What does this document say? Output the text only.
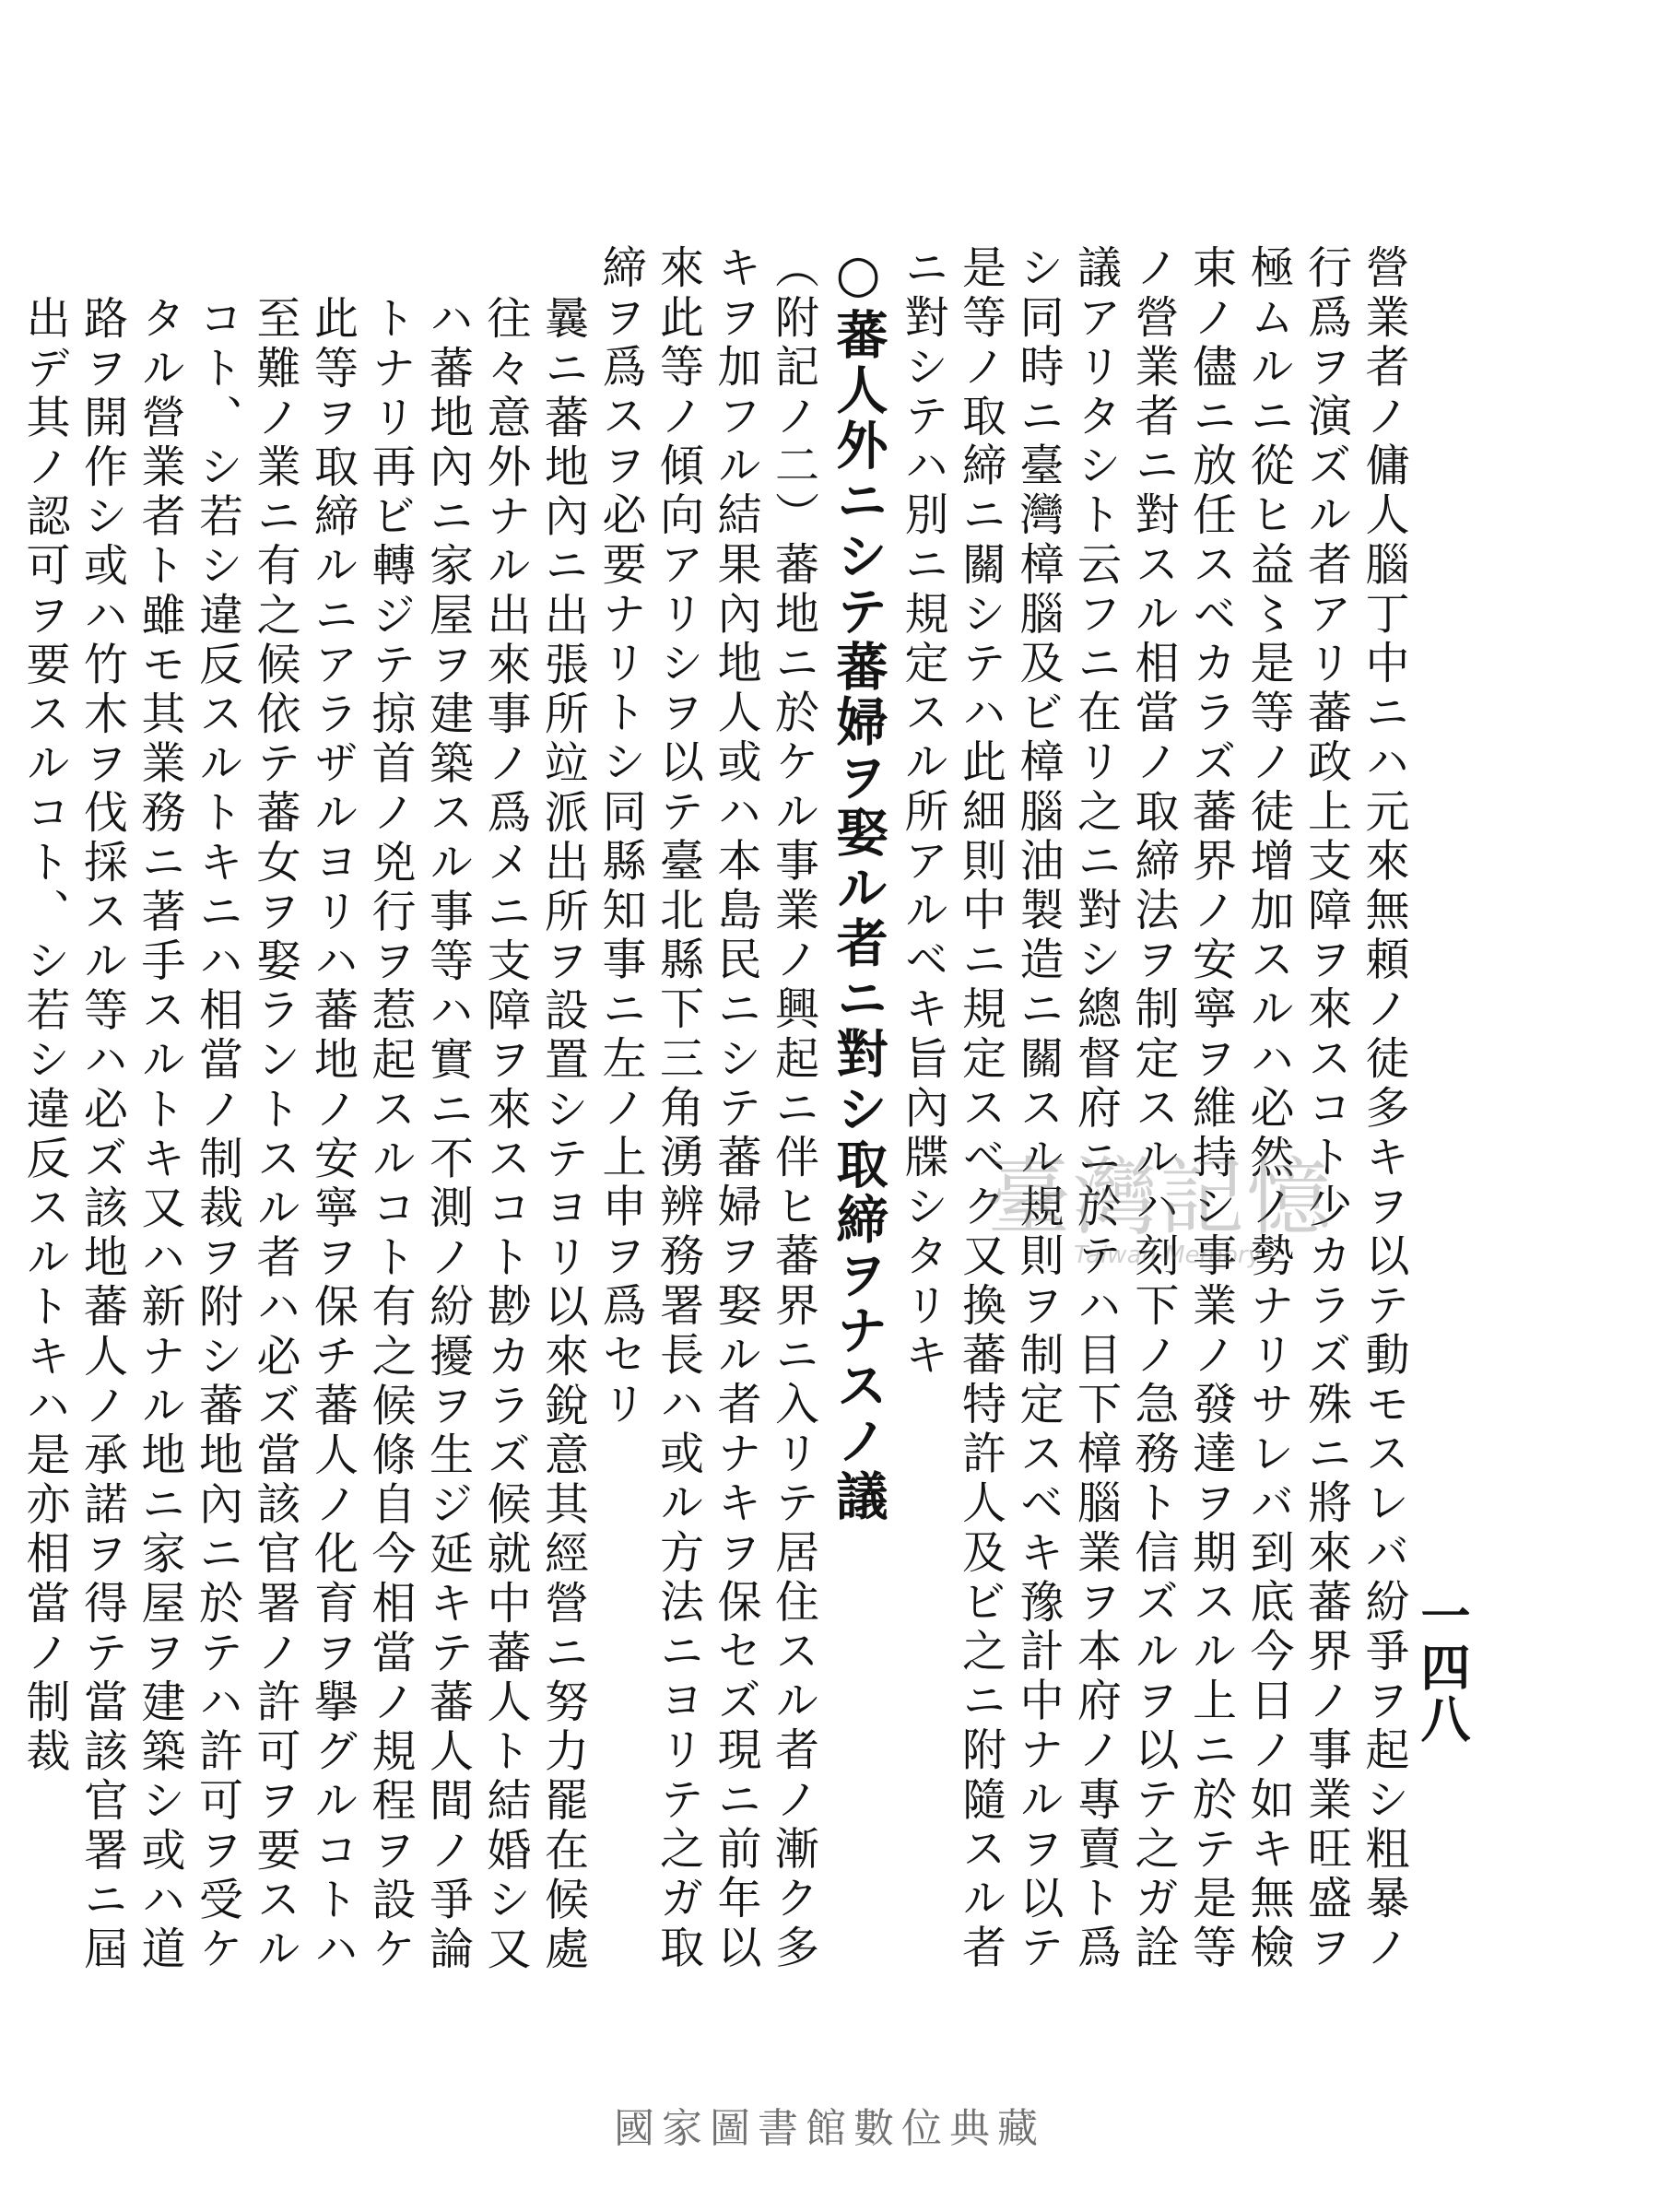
一四八

營業者ノ傭人腦丁中ニハ元來無頼ノ徒多キヲ以テ動モスレバ紛爭ヲ起シ粗暴ノ行爲ヲ演ズル者アリ蕃政上支障ヲ來スコト少カラズ殊ニ將來蕃界ノ事業旺盛ヲ極ムルニ從ヒ益〻是等ノ徒增加スルハ必然ノ勢ナリサレバ到底今日ノ如キ無檢束ノ儘ニ放任スベカラズ蕃界ノ安寧ヲ維持シ事業ノ發達ヲ期スル上ニ於テ是等ノ營業者ニ對スル相當ノ取締法ヲ制定スルハ刻下ノ急務ト信ズルヲ以テ之ガ詮議アリタシト云フニ在リ之ニ對シ總督府ニ於テハ目下樟腦業ヲ本府ノ專賣ト爲シ同時ニ臺灣樟腦及ビ樟腦油製造ニ關スル規則ヲ制定スベキ豫計中ナルヲ以テ是等ノ取締ニ關シテハ此細則中ニ規定スベク又換蕃特許人及ビ之ニ附隨スル者ニ對シテハ別ニ規定スル所アルベキ旨內牒シタリキ

○蕃人外ニシテ蕃婦ヲ娶ル者ニ對シ取締ヲナスノ議

（附記ノ二）蕃地ニ於ケル事業ノ興起ニ伴ヒ蕃界ニ入リテ居住スル者ノ漸ク多キヲ加フル結果內地人或ハ本島民ニシテ蕃婦ヲ娶ル者ナキヲ保セズ現ニ前年以來此等ノ傾向アリシヲ以テ臺北縣下三角湧辨務署長ハ或ル方法ニヨリテ之ガ取締ヲ爲スヲ必要ナリトシ同縣知事ニ左ノ上申ヲ爲セリ

曩ニ蕃地內ニ出張所竝派出所ヲ設置シテヨリ以來銳意其經營ニ努力罷在候處往々意外ナル出來事ノ爲メニ支障ヲ來スコト尠カラズ候就中蕃人ト結婚シ又ハ蕃地內ニ家屋ヲ建築スル事等ハ實ニ不測ノ紛擾ヲ生ジ延キテ蕃人間ノ爭論トナリ再ビ轉ジテ掠首ノ兇行ヲ惹起スルコト有之候條自今相當ノ規程ヲ設ケ此等ヲ取締ルニアラザルヨリハ蕃地ノ安寧ヲ保チ蕃人ノ化育ヲ擧グルコトハ至難ノ業ニ有之候依テ蕃女ヲ娶ラントスル者ハ必ズ當該官署ノ許可ヲ要スルコト、シ若シ違反スルトキニハ相當ノ制裁ヲ附シ蕃地內ニ於テハ許可ヲ受ケタル營業者ト雖モ其業務ニ著手スルトキ又ハ新ナル地ニ家屋ヲ建築シ或ハ道路ヲ開作シ或ハ竹木ヲ伐採スル等ハ必ズ該地蕃人ノ承諾ヲ得テ當該官署ニ屆出デ其ノ認可ヲ要スルコト、シ若シ違反スルトキハ是亦相當ノ制裁	臺灣記憶
Taiwan Memory
國家圖書館數位典藏
